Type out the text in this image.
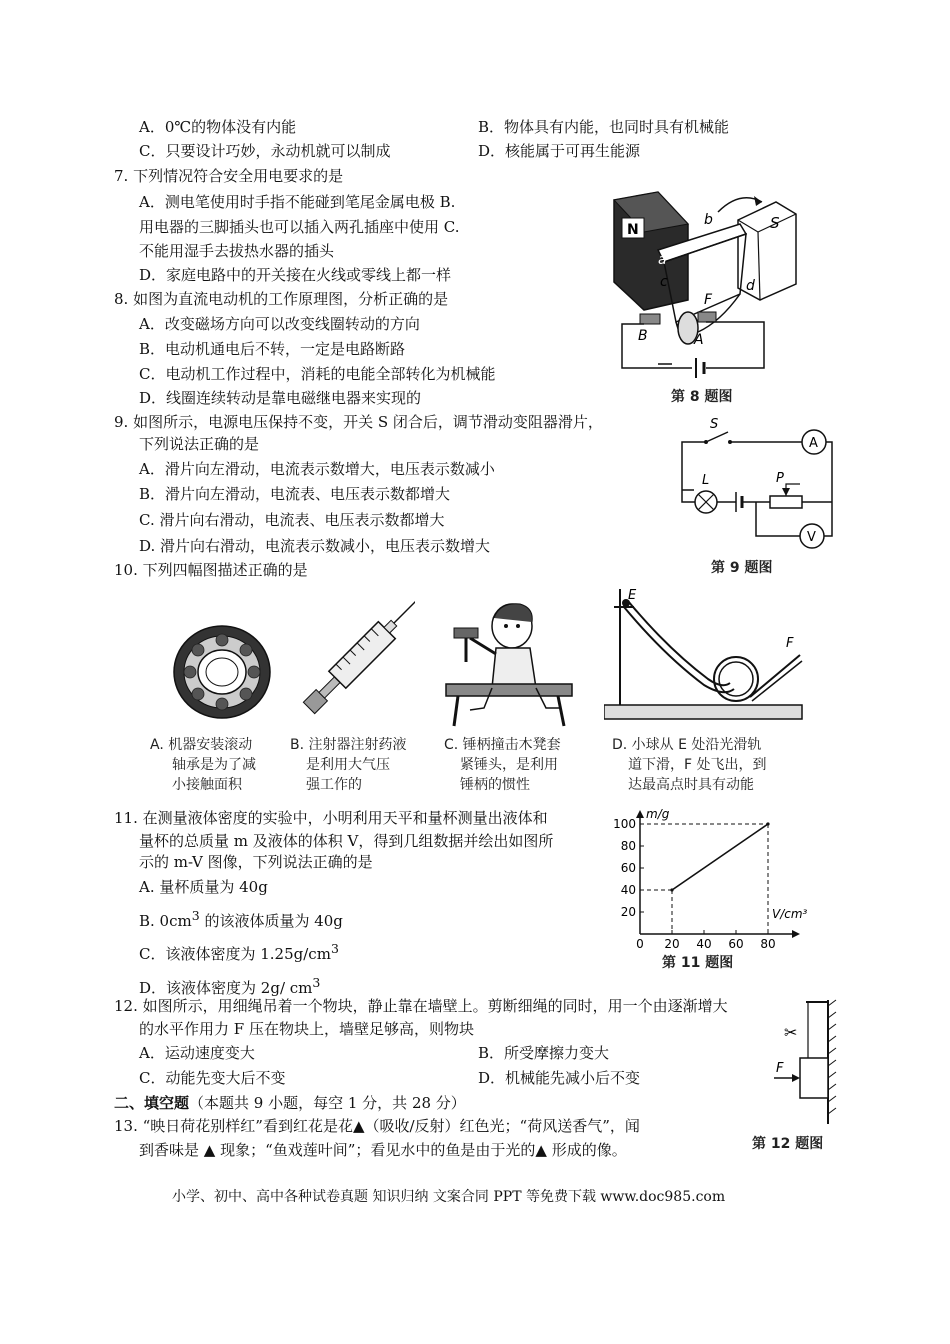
A．0℃的物体没有内能	B．物体具有内能，也同时具有机械能
C．只要设计巧妙，永动机就可以制成	D．核能属于可再生能源
7. 下列情况符合安全用电要求的是
A．测电笔使用时手指不能碰到笔尾金属电极 B.
用电器的三脚插头也可以插入两孔插座中使用 C.
不能用湿手去拔热水器的插头
D．家庭电路中的开关接在火线或零线上都一样
8. 如图为直流电动机的工作原理图，分析正确的是
A．改变磁场方向可以改变线圈转动的方向
B．电动机通电后不转，一定是电路断路
C．电动机工作过程中，消耗的电能全部转化为机械能
D．线圈连续转动是靠电磁继电器来实现的
N	S
b
a
c	d
F
B	A
第 8 题图
9. 如图所示，电源电压保持不变，开关 S 闭合后，调节滑动变阻器滑片，
下列说法正确的是
A．滑片向左滑动，电流表示数增大，电压表示数减小
B．滑片向左滑动，电流表、电压表示数都增大
C. 滑片向右滑动，电流表、电压表示数都增大
D. 滑片向右滑动，电流表示数减小，电压表示数增大
S
A
L	P
V
第 9 题图
10. 下列四幅图描述正确的是
E
F
A. 机器安装滚动
轴承是为了减
小接触面积
B. 注射器注射药液
是利用大气压
强工作的
C. 锤柄撞击木凳套
紧锤头，是利用
锤柄的惯性
D. 小球从 E 处沿光滑轨
道下滑，F 处飞出，到
达最高点时具有动能
11. 在测量液体密度的实验中，小明利用天平和量杯测量出液体和
量杯的总质量 m 及液体的体积 V，得到几组数据并绘出如图所
示的 m-V 图像，下列说法正确的是
A. 量杯质量为 40g
B. $0cm^3$ 的该液体质量为 40g
C．该液体密度为 $1.25g/cm^3$
D．该液体密度为 2g/ $cm^3$
m/g
V/cm³
0 20 40 60 80
20
40
60
80
100
第 11 题图
12. 如图所示，用细绳吊着一个物块，静止靠在墙壁上。剪断细绳的同时，用一个由逐渐增大
的水平作用力 F 压在物块上，墙壁足够高，则物块
A．运动速度变大	B．所受摩擦力变大
C．动能先变大后不变	D．机械能先减小后不变
✂
F
第 12 题图
二、填空题（本题共 9 小题，每空 1 分，共 28 分）
13. “映日荷花别样红”看到红花是花▲（吸收/反射）红色光；“荷风送香气”，闻
到香味是 ▲ 现象；“鱼戏莲叶间”；看见水中的鱼是由于光的▲ 形成的像。
小学、初中、高中各种试卷真题 知识归纳 文案合同 PPT 等免费下载 www.doc985.com
